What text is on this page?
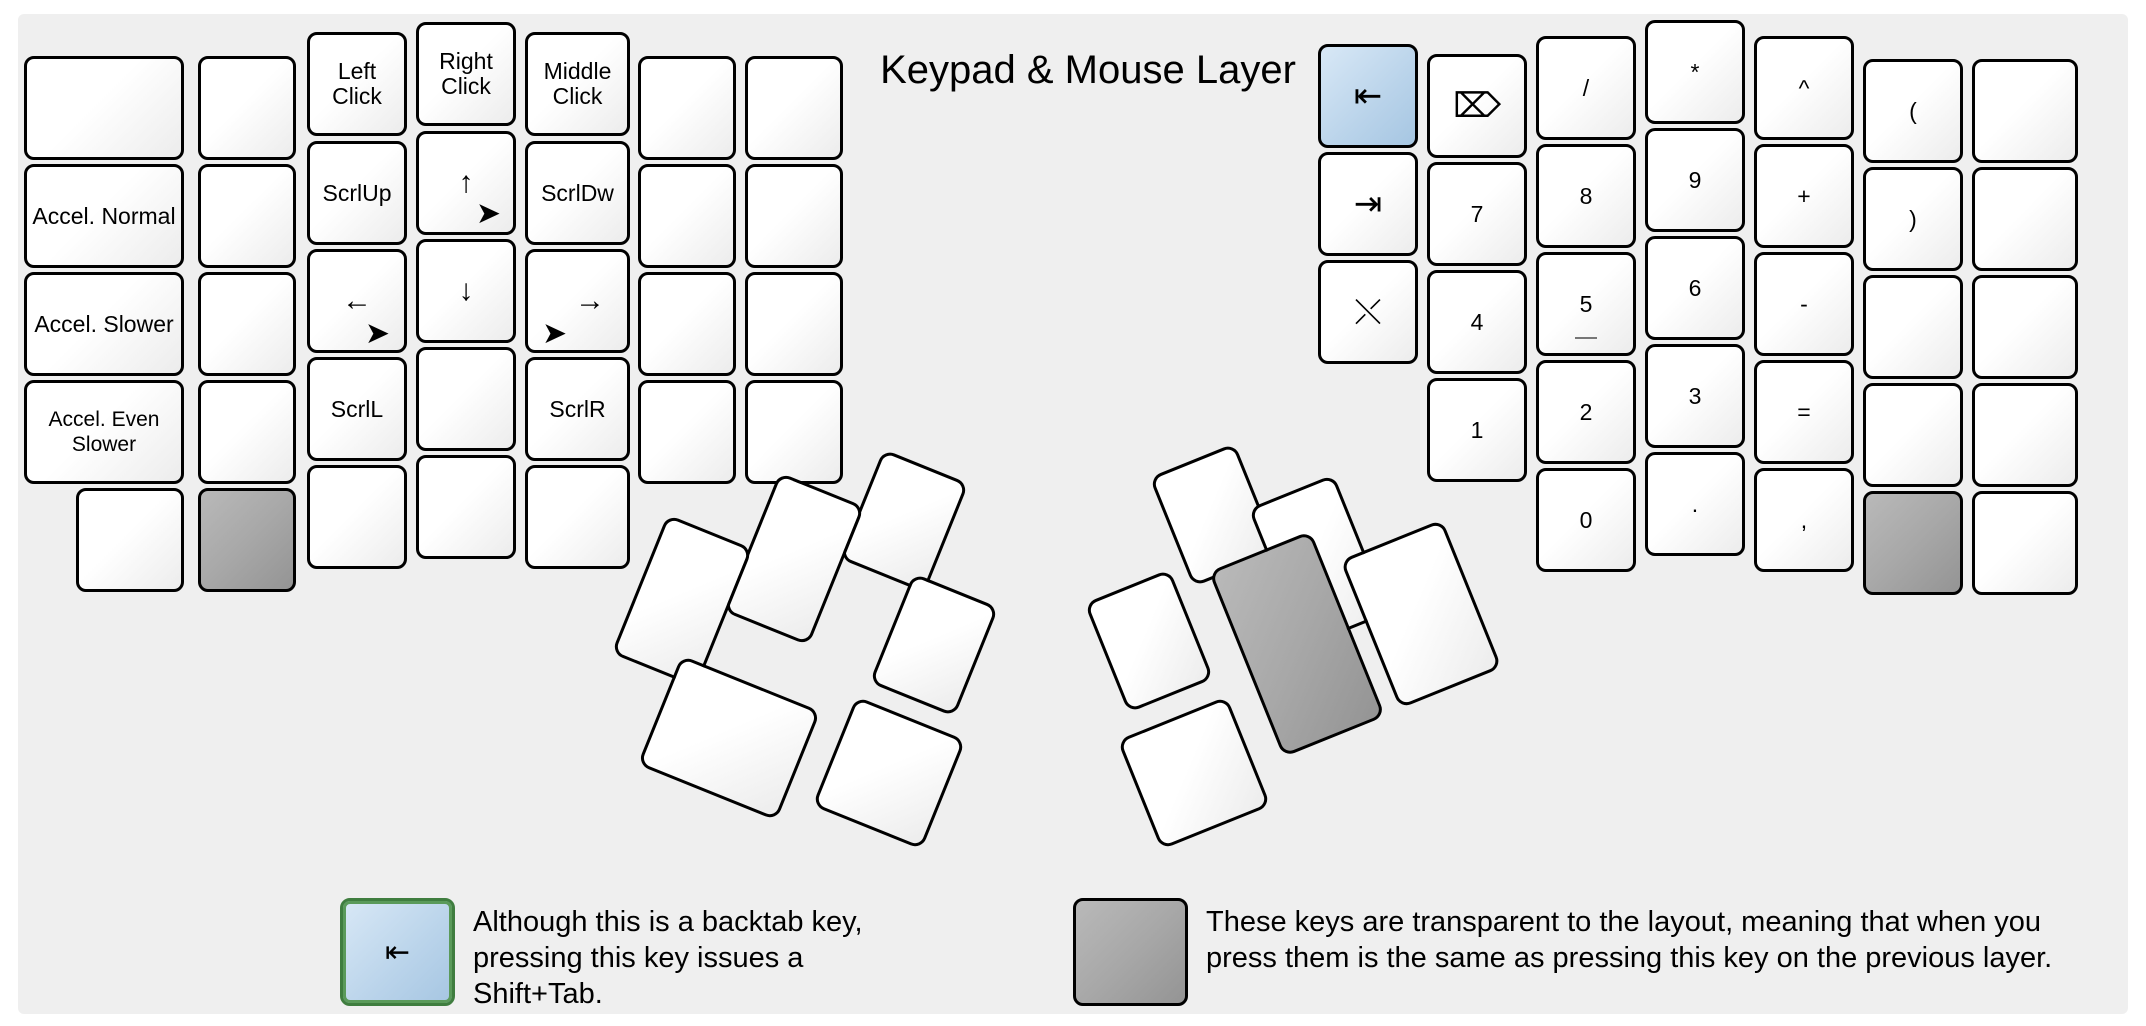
Keypad & Mouse Layer
Left Click
Right Click
Middle Click
Accel. Normal
ScrlUp	↑
➤
ScrlDw
Accel. Slower
←
➤
↓	→
➤
Accel. Even Slower
ScrlL	ScrlR
⇤ ⌦	/
*
^
(
⇥	7
8
9
+
)
⤬	4
5
6
-
1
2
3
=
0
.
,
⇤
Although this is a backtab key, pressing this key issues a Shift+Tab.
These keys are transparent to the layout, meaning that when you press them is the same as pressing this key on the previous layer.
